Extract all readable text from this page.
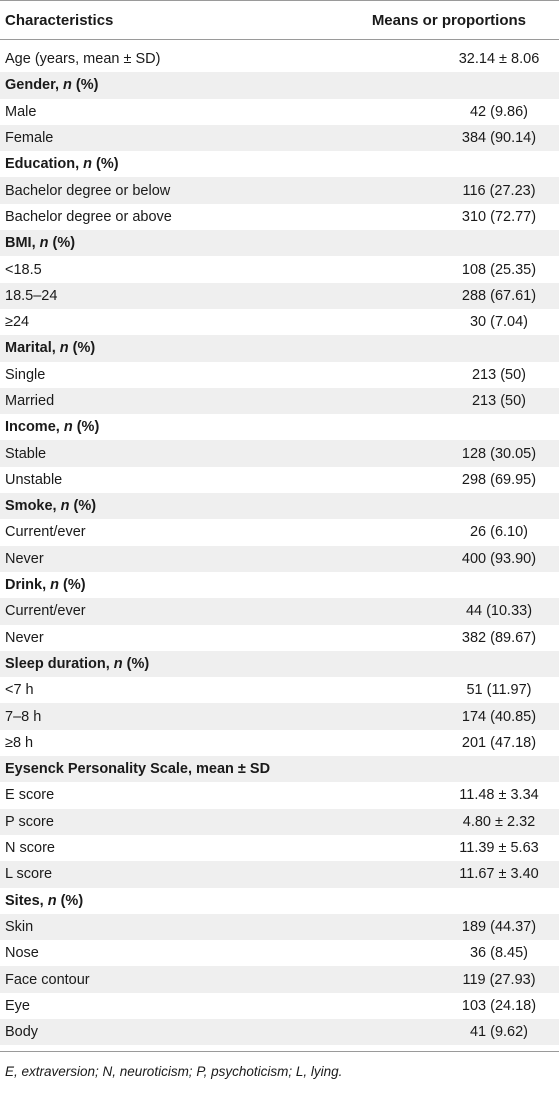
Characteristics	Means or proportions
Age (years, mean ± SD)	32.14 ± 8.06
Gender, n (%)
Male	42 (9.86)
Female	384 (90.14)
Education, n (%)
Bachelor degree or below	116 (27.23)
Bachelor degree or above	310 (72.77)
BMI, n (%)
<18.5	108 (25.35)
18.5–24	288 (67.61)
≥24	30 (7.04)
Marital, n (%)
Single	213 (50)
Married	213 (50)
Income, n (%)
Stable	128 (30.05)
Unstable	298 (69.95)
Smoke, n (%)
Current/ever	26 (6.10)
Never	400 (93.90)
Drink, n (%)
Current/ever	44 (10.33)
Never	382 (89.67)
Sleep duration, n (%)
<7 h	51 (11.97)
7–8 h	174 (40.85)
≥8 h	201 (47.18)
Eysenck Personality Scale, mean ± SD
E score	11.48 ± 3.34
P score	4.80 ± 2.32
N score	11.39 ± 5.63
L score	11.67 ± 3.40
Sites, n (%)
Skin	189 (44.37)
Nose	36 (8.45)
Face contour	119 (27.93)
Eye	103 (24.18)
Body	41 (9.62)
E, extraversion; N, neuroticism; P, psychoticism; L, lying.
